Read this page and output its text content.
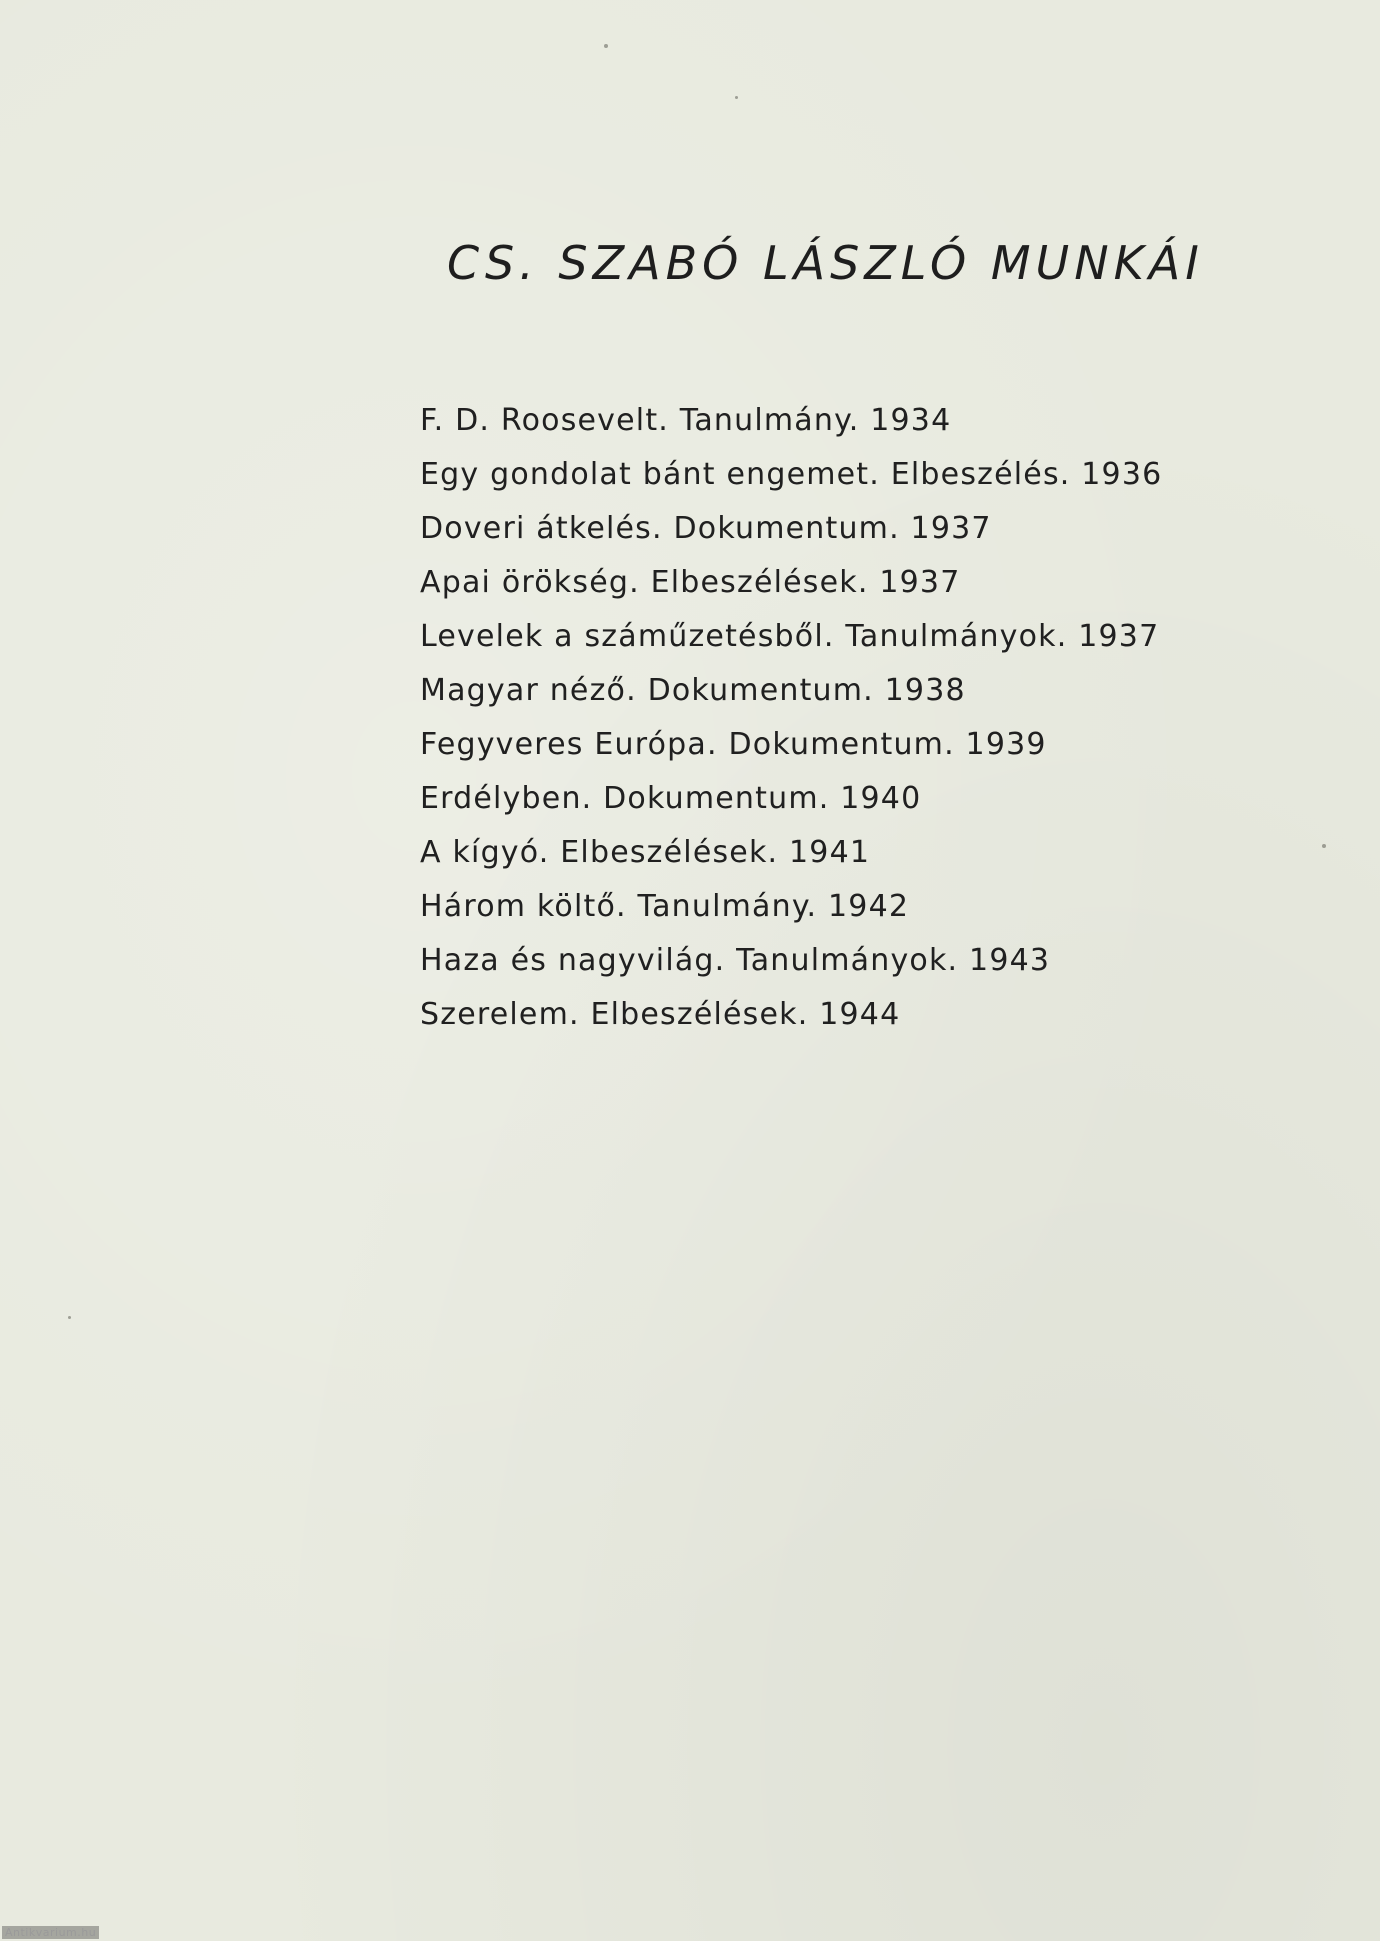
CS. SZABÓ LÁSZLÓ MUNKÁI
F. D. Roosevelt. Tanulmány. 1934
Egy gondolat bánt engemet. Elbeszélés. 1936
Doveri átkelés. Dokumentum. 1937
Apai örökség. Elbeszélések. 1937
Levelek a száműzetésből. Tanulmányok. 1937
Magyar néző. Dokumentum. 1938
Fegyveres Európa. Dokumentum. 1939
Erdélyben. Dokumentum. 1940
A kígyó. Elbeszélések. 1941
Három költő. Tanulmány. 1942
Haza és nagyvilág. Tanulmányok. 1943
Szerelem. Elbeszélések. 1944
Antikvarium.hu
